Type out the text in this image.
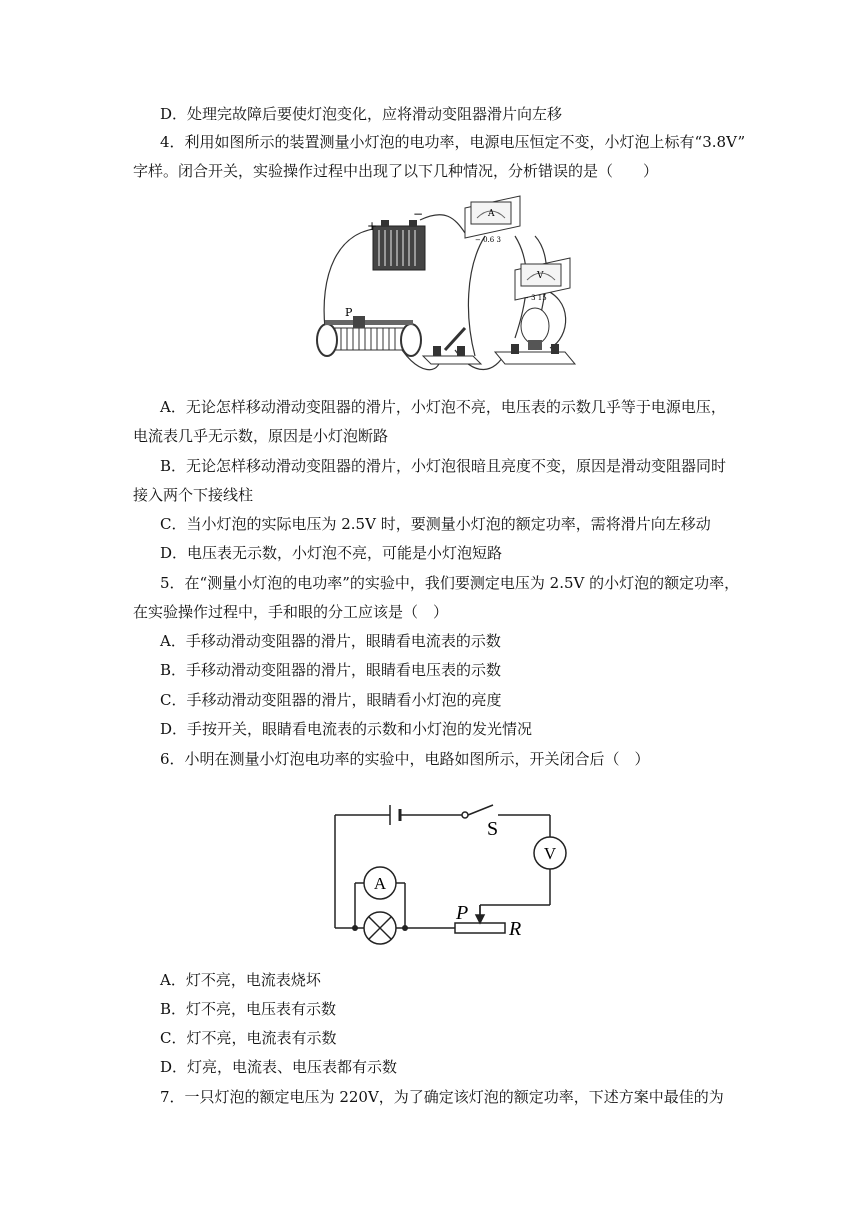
D．处理完故障后要使灯泡变化，应将滑动变阻器滑片向左移
4．利用如图所示的装置测量小灯泡的电功率，电源电压恒定不变，小灯泡上标有“3.8V”
字样。闭合开关，实验操作过程中出现了以下几种情况，分析错误的是（　　）
+
−	A
− 0.6 3
V
− 3 15
P
A．无论怎样移动滑动变阻器的滑片，小灯泡不亮，电压表的示数几乎等于电源电压，
电流表几乎无示数，原因是小灯泡断路
B．无论怎样移动滑动变阻器的滑片，小灯泡很暗且亮度不变，原因是滑动变阻器同时
接入两个下接线柱
C．当小灯泡的实际电压为 2.5V 时，要测量小灯泡的额定功率，需将滑片向左移动
D．电压表无示数，小灯泡不亮，可能是小灯泡短路
5．在“测量小灯泡的电功率”的实验中，我们要测定电压为 2.5V 的小灯泡的额定功率，
在实验操作过程中，手和眼的分工应该是（　）
A．手移动滑动变阻器的滑片，眼睛看电流表的示数
B．手移动滑动变阻器的滑片，眼睛看电压表的示数
C．手移动滑动变阻器的滑片，眼睛看小灯泡的亮度
D．手按开关，眼睛看电流表的示数和小灯泡的发光情况
6．小明在测量小灯泡电功率的实验中，电路如图所示，开关闭合后（　）
V
A
S
P
R
A．灯不亮，电流表烧坏
B．灯不亮，电压表有示数
C．灯不亮，电流表有示数
D．灯亮，电流表、电压表都有示数
7．一只灯泡的额定电压为 220V，为了确定该灯泡的额定功率，下述方案中最佳的为
